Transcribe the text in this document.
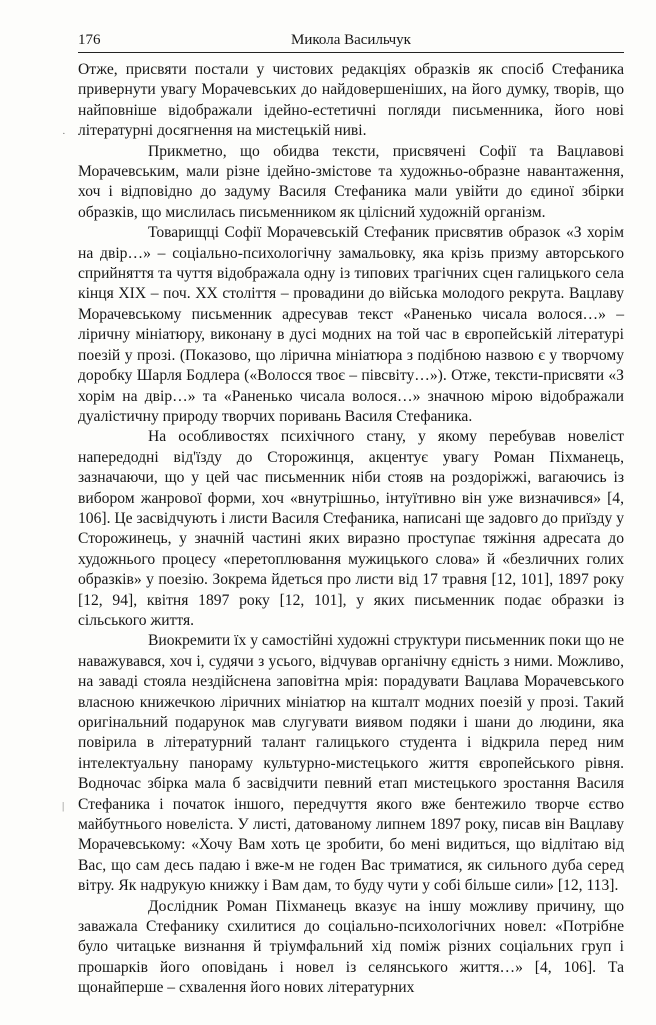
176	Микола Васильчук
·
|

Отже, присвяти постали у чистових редакціях образків як спосіб Стефаника привернути увагу Морачевських до найдовершеніших, на його думку, творів, що найповніше відображали ідейно-естетичні погляди письменника, його нові літературні досягнення на мистецькій ниві.

Прикметно, що обидва тексти, присвячені Софії та Вацлавові Морачевським, мали різне ідейно-змістове та художньо-образне навантаження, хоч і відповідно до задуму Василя Стефаника мали увійти до єдиної збірки образків, що мислилась письменником як цілісний художній організм.

Товарищці Софії Морачевській Стефаник присвятив образок «З хорім на двір…» – соціально-психологічну замальовку, яка крізь призму авторського сприйняття та чуття відображала одну із типових трагічних сцен галицького села кінця XIX – поч. XX століття – провадини до війська молодого рекрута. Вацлаву Морачевському письменник адресував текст «Раненько чисала волося…» – ліричну мініатюру, виконану в дусі модних на той час в європейській літературі поезій у прозі. (Показово, що лірична мініатюра з подібною назвою є у творчому доробку Шарля Бодлера («Волосся твоє – півсвіту…»). Отже, тексти-присвяти «З хорім на двір…» та «Раненько чисала волося…» значною мірою відображали дуалістичну природу творчих поривань Василя Стефаника.

На особливостях психічного стану, у якому перебував новеліст напередодні від'їзду до Сторожинця, акцентує увагу Роман Піхманець, зазначаючи, що у цей час письменник ніби стояв на роздоріжжі, вагаючись із вибором жанрової форми, хоч «внутрішньо, інтуїтивно він уже визначився» [4, 106]. Це засвідчують і листи Василя Стефаника, написані ще задовго до приїзду у Сторожинець, у значній частині яких виразно проступає тяжіння адресата до художнього процесу «перетоплювання мужицького слова» й «безличних голих образків» у поезію. Зокрема йдеться про листи від 17 травня [12, 101], 1897 року [12, 94], квітня 1897 року [12, 101], у яких письменник подає образки із сільського життя.

Виокремити їх у самостійні художні структури письменник поки що не наважувався, хоч і, судячи з усього, відчував органічну єдність з ними. Можливо, на заваді стояла нездійснена заповітна мрія: порадувати Вацлава Морачевського власною книжечкою ліричних мініатюр на кшталт модних поезій у прозі. Такий оригінальний подарунок мав слугувати виявом подяки і шани до людини, яка повірила в літературний талант галицького студента і відкрила перед ним інтелектуальну панораму культурно-мистецького життя європейського рівня. Водночас збірка мала б засвідчити певний етап мистецького зростання Василя Стефаника і початок іншого, передчуття якого вже бентежило творче єство майбутнього новеліста. У листі, датованому липнем 1897 року, писав він Вацлаву Морачевському: «Хочу Вам хоть це зробити, бо мені видиться, що відлітаю від Вас, що сам десь падаю і вже-м не годен Вас триматися, як сильного дуба серед вітру. Як надрукую книжку і Вам дам, то буду чути у собі більше сили» [12, 113].

Дослідник Роман Піхманець вказує на іншу можливу причину, що заважала Стефанику схилитися до соціально-психологічних новел: «Потрібне було читацьке визнання й тріумфальний хід поміж різних соціальних груп і прошарків його оповідань і новел із селянського життя…» [4, 106]. Та щонайперше – схвалення його нових літературних
